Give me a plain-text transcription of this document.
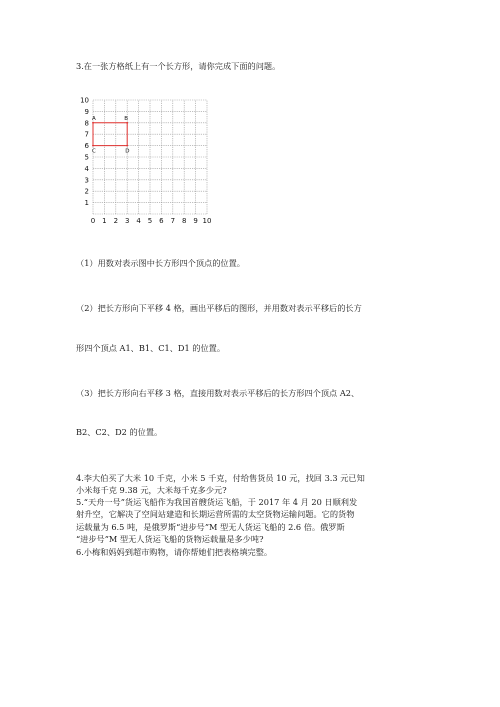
3.在一张方格纸上有一个长方形，请你完成下面的问题。
0 1 2 3 4 5 6 7 8 9 10
1
2
3
4
5
6
7
8
9
10
A	B
C	D
（1）用数对表示图中长方形四个顶点的位置。
（2）把长方形向下平移 4 格，画出平移后的图形，并用数对表示平移后的长方
形四个顶点 A1、B1、C1、D1 的位置。
（3）把长方形向右平移 3 格，直接用数对表示平移后的长方形四个顶点 A2、
B2、C2、D2 的位置。
4.李大伯买了大米 10 千克，小米 5 千克，付给售货员 10 元，找回 3.3 元已知
小米每千克 9.38 元，大米每千克多少元?
5.“天舟一号”货运飞船作为我国首艘货运飞船，于 2017 年 4 月 20 日顺利发
射升空，它解决了空间站建造和长期运营所需的太空货物运输问题。它的货物
运载量为 6.5 吨，是俄罗斯“进步号”M 型无人货运飞船的 2.6 倍。俄罗斯
“进步号”M 型无人货运飞船的货物运载量是多少吨?
6.小梅和妈妈到超市购物，请你帮她们把表格填完整。
